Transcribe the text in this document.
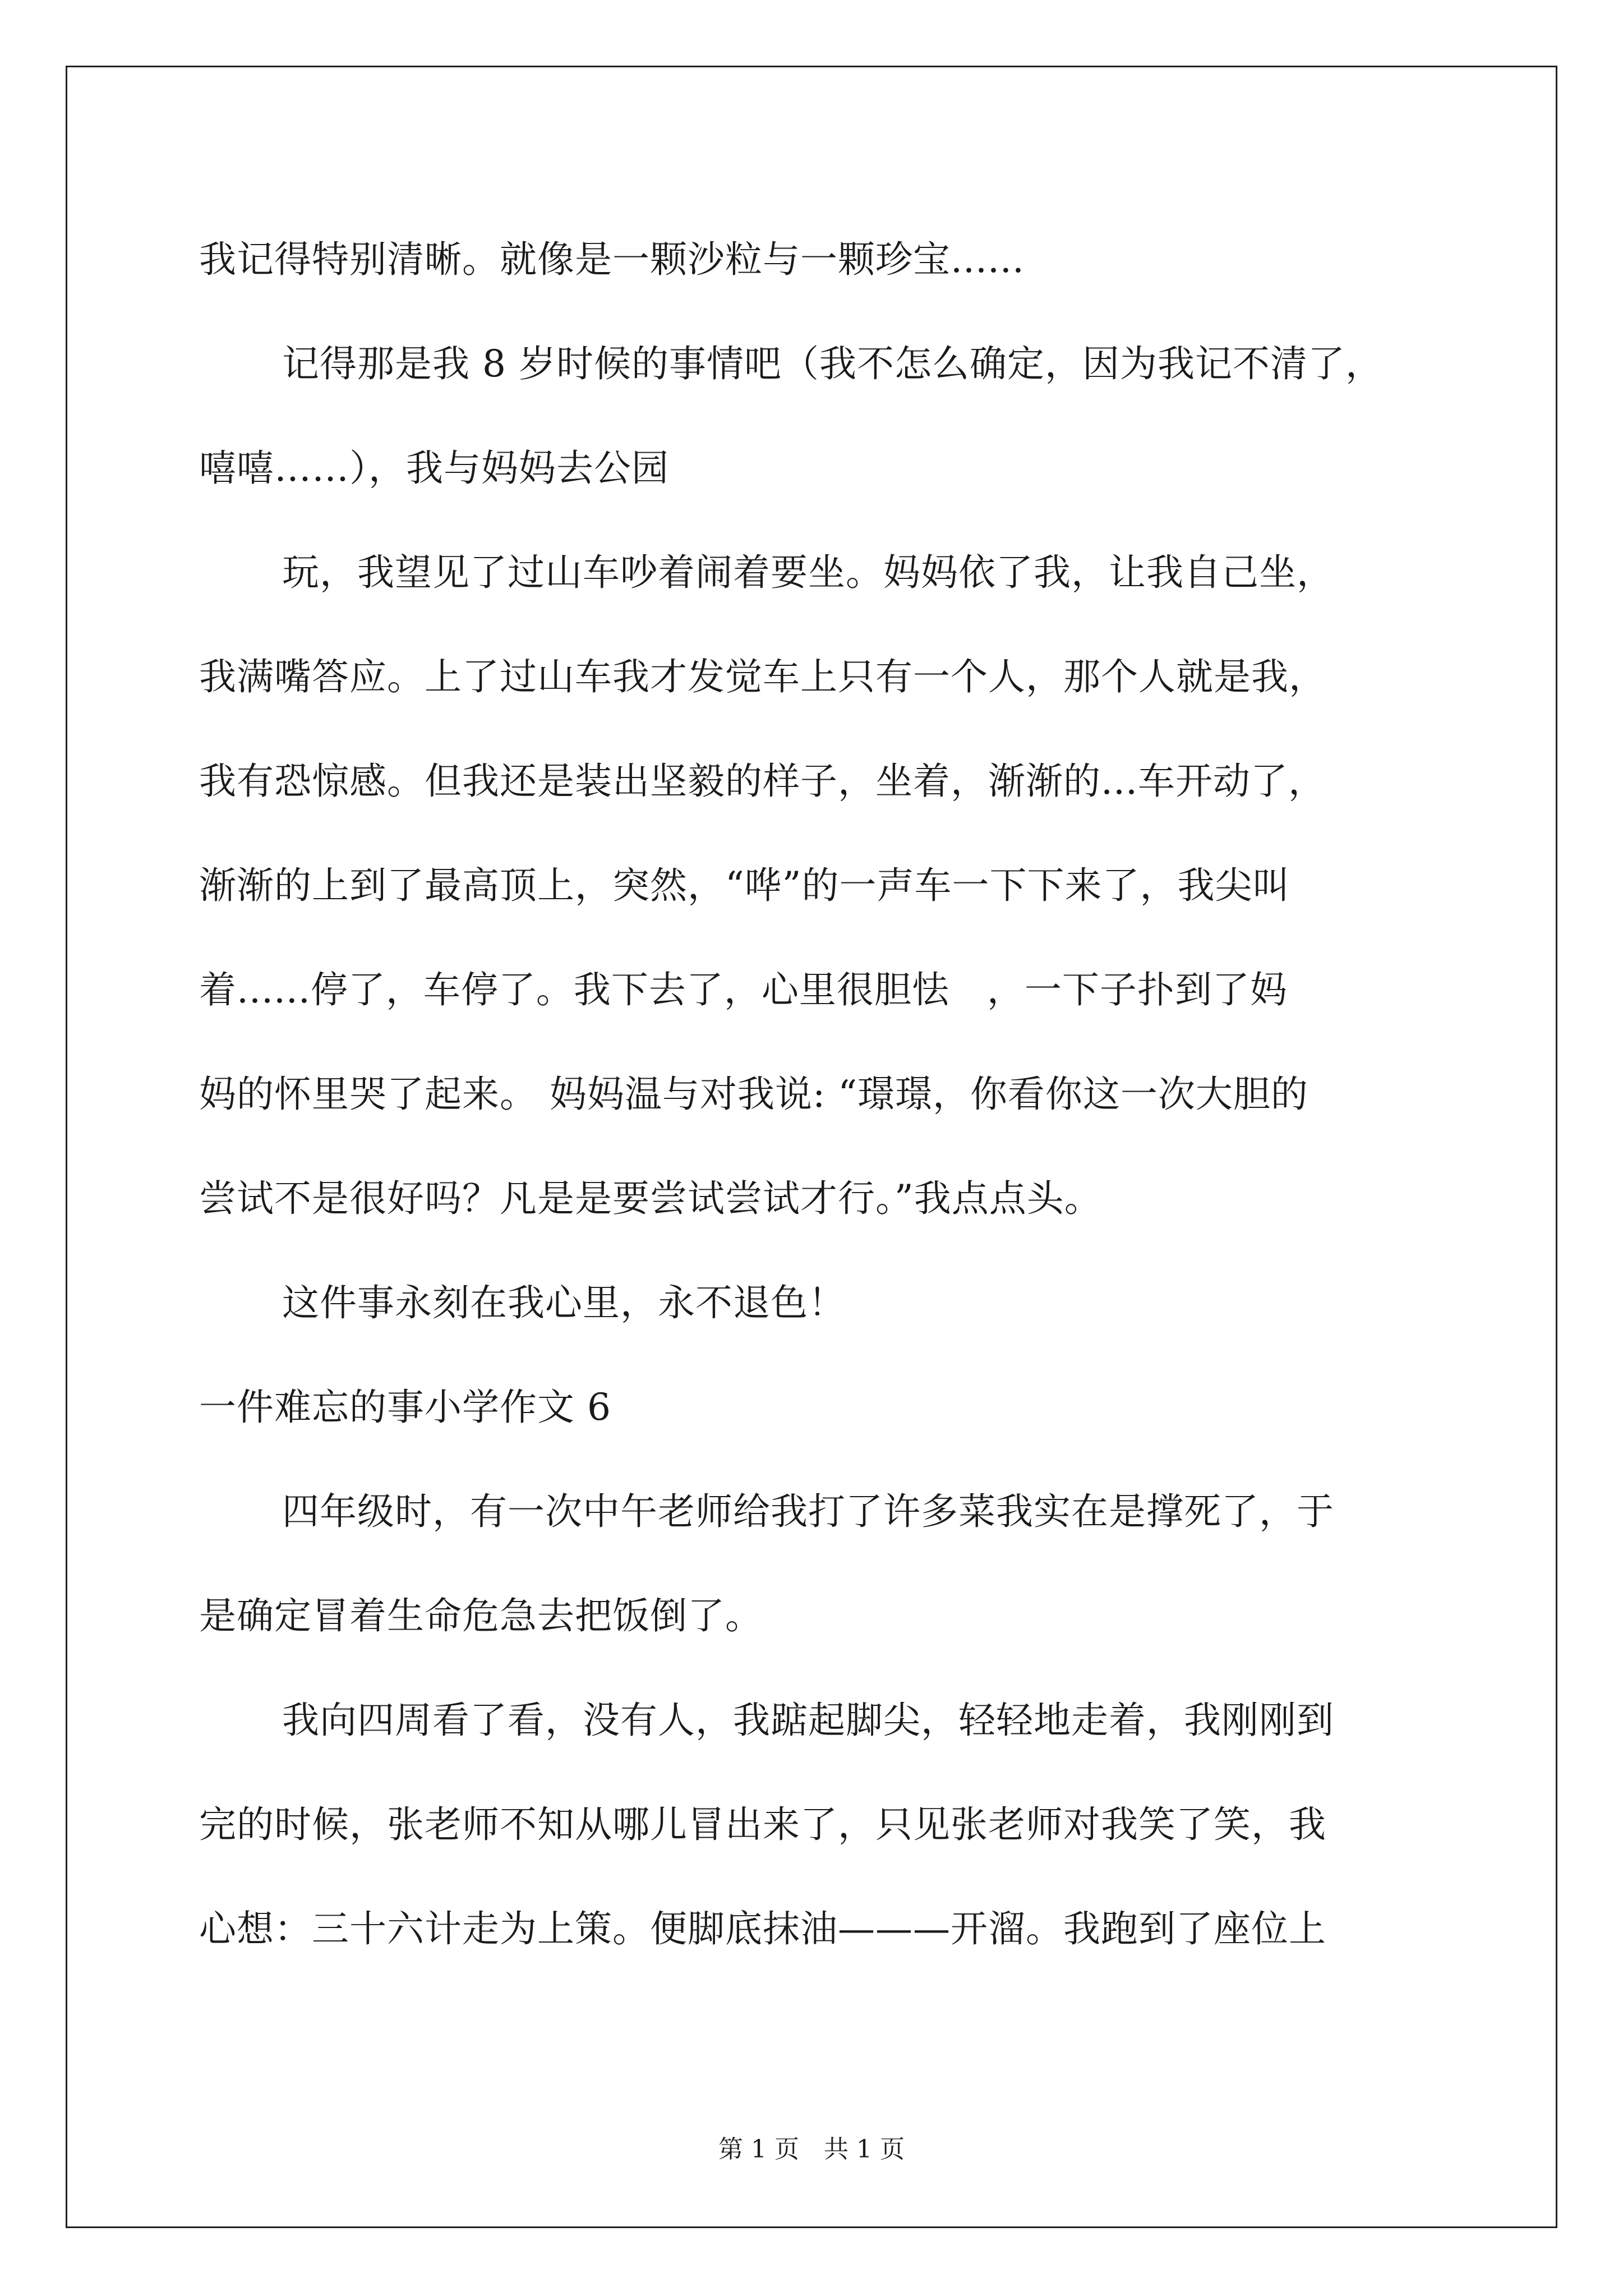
我记得特别清晰。就像是一颗沙粒与一颗珍宝......
记得那是我 8 岁时候的事情吧（我不怎么确定，因为我记不清了，
嘻嘻……），我与妈妈去公园
玩，我望见了过山车吵着闹着要坐。妈妈依了我，让我自己坐，
我满嘴答应。上了过山车我才发觉车上只有一个人，那个人就是我，
我有恐惊感。但我还是装出坚毅的样子，坐着，渐渐的...车开动了，
渐渐的上到了最高顶上，突然，“哗”的一声车一下下来了，我尖叫
着......停了，车停了。我下去了，心里很胆怯　，一下子扑到了妈
妈的怀里哭了起来。 妈妈温与对我说: “璟璟，你看你这一次大胆的
尝试不是很好吗？凡是是要尝试尝试才行。”我点点头。
这件事永刻在我心里，永不退色！
一件难忘的事小学作文 6
四年级时，有一次中午老师给我打了许多菜我实在是撑死了，于
是确定冒着生命危急去把饭倒了。
我向四周看了看，没有人，我踮起脚尖，轻轻地走着，我刚刚到
完的时候，张老师不知从哪儿冒出来了，只见张老师对我笑了笑，我
心想：三十六计走为上策。便脚底抹油———开溜。我跑到了座位上
第 1 页　共 1 页
